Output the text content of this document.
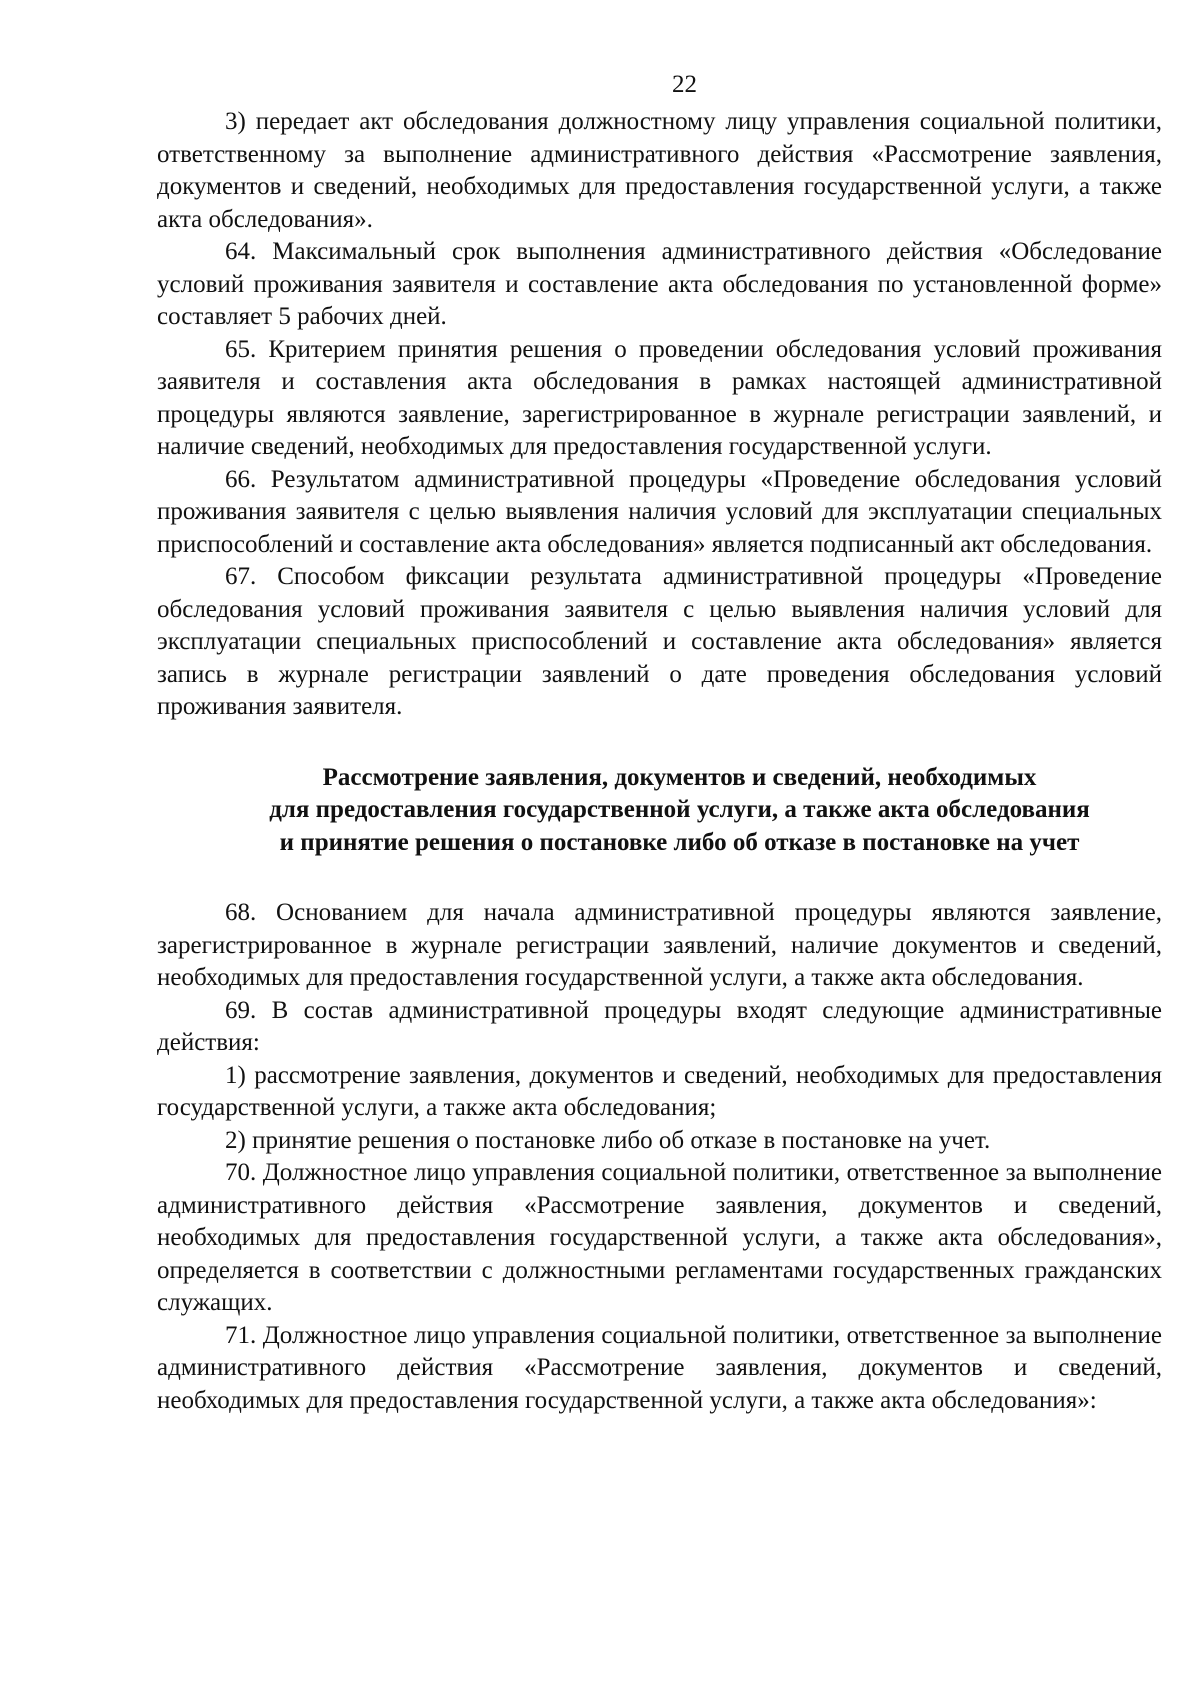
22

3) передает акт обследования должностному лицу управления социальной политики, ответственному за выполнение административного действия «Рассмотрение заявления, документов и сведений, необходимых для предоставления государственной услуги, а также акта обследования».

64. Максимальный срок выполнения административного действия «Обследование условий проживания заявителя и составление акта обследования по установленной форме» составляет 5 рабочих дней.

65. Критерием принятия решения о проведении обследования условий проживания заявителя и составления акта обследования в рамках настоящей административной процедуры являются заявление, зарегистрированное в журнале регистрации заявлений, и наличие сведений, необходимых для предоставления государственной услуги.

66. Результатом административной процедуры «Проведение обследования условий проживания заявителя с целью выявления наличия условий для эксплуатации специальных приспособлений и составление акта обследования» является подписанный акт обследования.

67. Способом фиксации результата административной процедуры «Проведение обследования условий проживания заявителя с целью выявления наличия условий для эксплуатации специальных приспособлений и составление акта обследования» является запись в журнале регистрации заявлений о дате проведения обследования условий проживания заявителя.

Рассмотрение заявления, документов и сведений, необходимых
для предоставления государственной услуги, а также акта обследования
и принятие решения о постановке либо об отказе в постановке на учет

68. Основанием для начала административной процедуры являются заявление, зарегистрированное в журнале регистрации заявлений, наличие документов и сведений, необходимых для предоставления государственной услуги, а также акта обследования.

69. В состав административной процедуры входят следующие административные действия:

1) рассмотрение заявления, документов и сведений, необходимых для предоставления государственной услуги, а также акта обследования;

2) принятие решения о постановке либо об отказе в постановке на учет.

70. Должностное лицо управления социальной политики, ответственное за выполнение административного действия «Рассмотрение заявления, документов и сведений, необходимых для предоставления государственной услуги, а также акта обследования», определяется в соответствии с должностными регламентами государственных гражданских служащих.

71. Должностное лицо управления социальной политики, ответственное за выполнение административного действия «Рассмотрение заявления, документов и сведений, необходимых для предоставления государственной услуги, а также акта обследования»:
